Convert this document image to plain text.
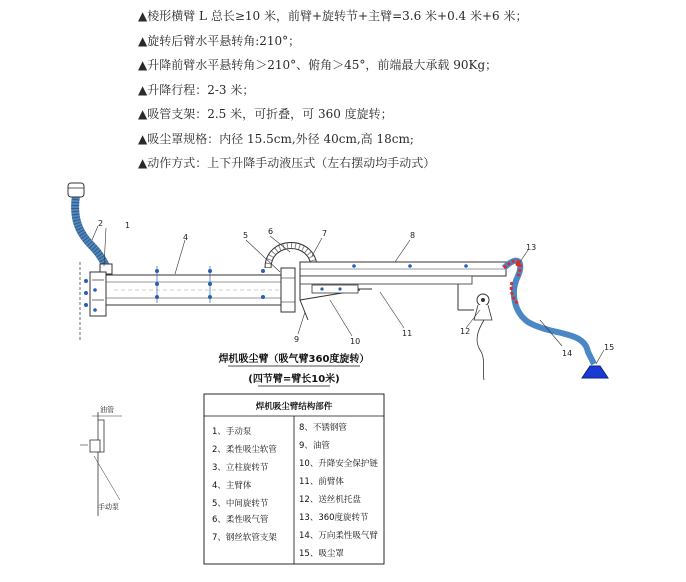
▲棱形横臂 L 总长≥10 米，前臂+旋转节+主臂=3.6 米+0.4 米+6 米；
▲旋转后臂水平悬转角:210°；
▲升降前臂水平悬转角＞210°、俯角＞45°，前端最大承载 90Kg；
▲升降行程：2-3 米；
▲吸管支架：2.5 米，可折叠，可 360 度旋转；
▲吸尘罩规格：内径 15.5cm,外径 40cm,高 18cm;
▲动作方式：上下升降手动液压式（左右摆动均手动式）
1
2
4	5 6	7	8
9	10
11	12
13
14
15
焊机吸尘臂（吸气臂360度旋转）
(四节臂=臂长10米)
焊机吸尘臂结构部件
1、手动泵
2、柔性吸尘软管
3、立柱旋转节
4、主臂体
5、中间旋转节
6、柔性吸气管
7、钢丝软管支架
8、不锈钢管
9、油管
10、升降安全保护链
11、前臂体
12、送丝机托盘
13、360度旋转节
14、万向柔性吸气臂
15、吸尘罩
油管
手动泵
